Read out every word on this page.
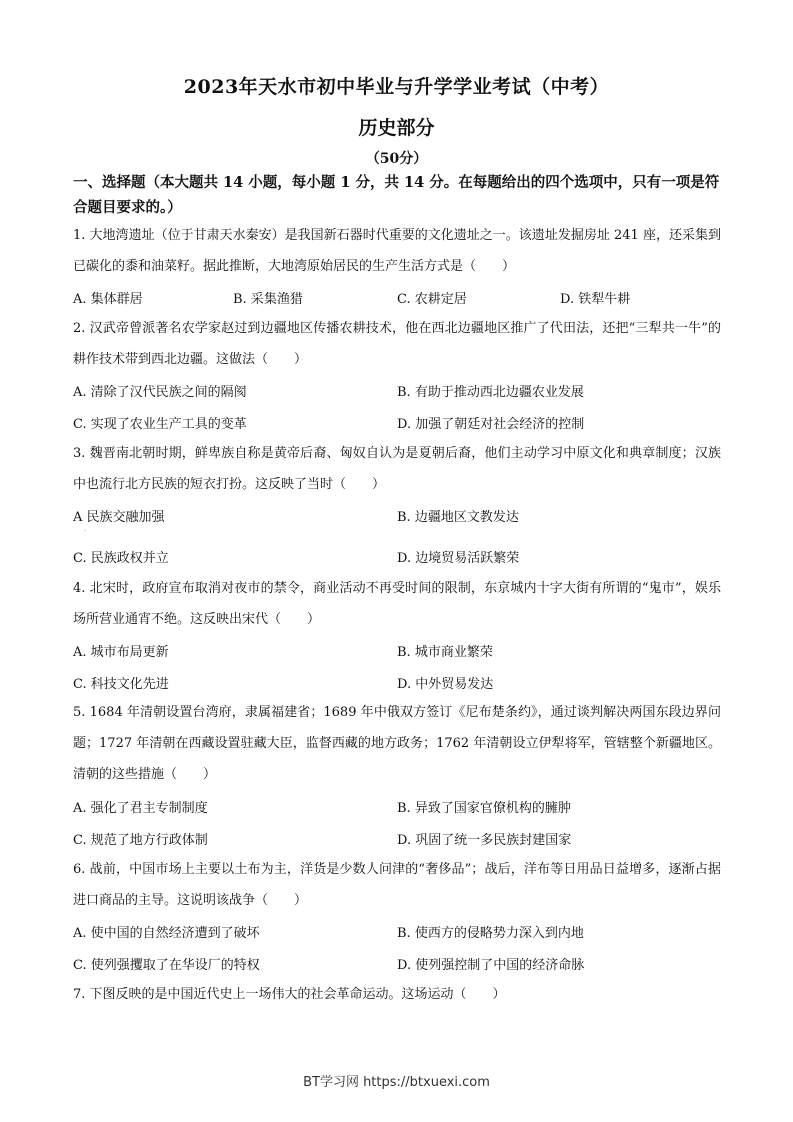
2023年天水市初中毕业与升学学业考试（中考）
历史部分
（50分）
一、选择题（本大题共 14 小题，每小题 1 分，共 14 分。在每题给出的四个选项中，只有一项是符合题目要求的。）
1. 大地湾遗址（位于甘肃天水秦安）是我国新石器时代重要的文化遗址之一。该遗址发掘房址 241 座，还采集到已碳化的黍和油菜籽。据此推断，大地湾原始居民的生产生活方式是（　　）
A. 集体群居	B. 采集渔猎	C. 农耕定居	D. 铁犁牛耕
2. 汉武帝曾派著名农学家赵过到边疆地区传播农耕技术，他在西北边疆地区推广了代田法，还把“三犁共一牛”的耕作技术带到西北边疆。这做法（　　）
A. 清除了汉代民族之间的隔阂	B. 有助于推动西北边疆农业发展
C. 实现了农业生产工具的变革	D. 加强了朝廷对社会经济的控制
3. 魏晋南北朝时期，鲜卑族自称是黄帝后裔、匈奴自认为是夏朝后裔，他们主动学习中原文化和典章制度；汉族中也流行北方民族的短衣打扮。这反映了当时（　　）
A 民族交融加强	B. 边疆地区文教发达
·
C. 民族政权并立	D. 边境贸易活跃繁荣
4. 北宋时，政府宣布取消对夜市的禁令，商业活动不再受时间的限制，东京城内十字大街有所谓的“鬼市”，娱乐场所营业通宵不绝。这反映出宋代（　　）
A. 城市布局更新	B. 城市商业繁荣
C. 科技文化先进	D. 中外贸易发达
5. 1684 年清朝设置台湾府，隶属福建省；1689 年中俄双方签订《尼布楚条约》，通过谈判解决两国东段边界问题；1727 年清朝在西藏设置驻藏大臣，监督西藏的地方政务；1762 年清朝设立伊犁将军，管辖整个新疆地区。清朝的这些措施（　　）
A. 强化了君主专制制度	B. 异致了国家官僚机构的臃肿
C. 规范了地方行政体制	D. 巩固了统一多民族封建国家
6. 战前，中国市场上主要以土布为主，洋货是少数人问津的“奢侈品”；战后，洋布等日用品日益增多，逐渐占据进口商品的主导。这说明该战争（　　）
A. 使中国的自然经济遭到了破坏	B. 使西方的侵略势力深入到内地
C. 使列强攫取了在华设厂的特权	D. 使列强控制了中国的经济命脉
7. 下图反映的是中国近代史上一场伟大的社会革命运动。这场运动（　　）
BT学习网 https://btxuexi.com
